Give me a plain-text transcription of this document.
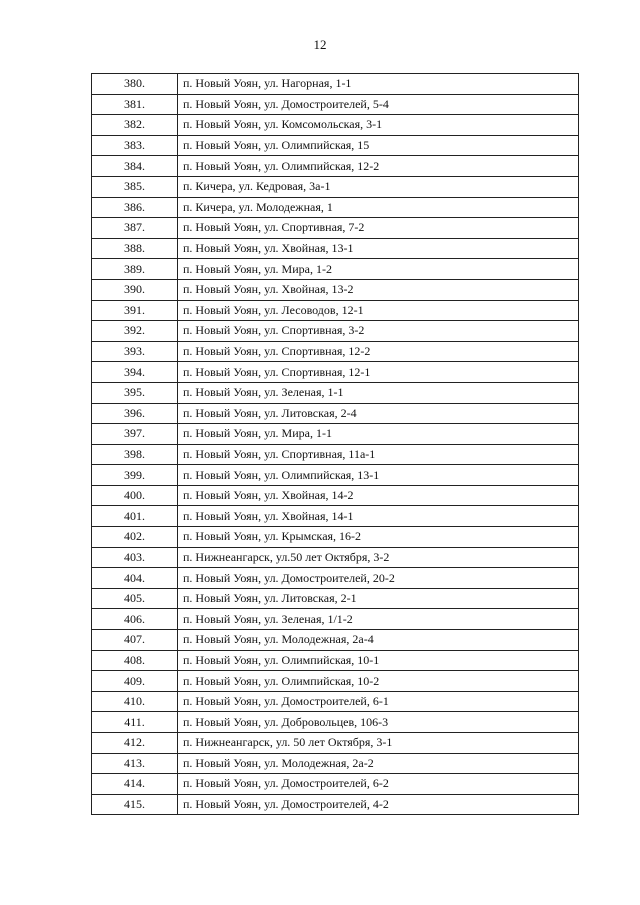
12
380.	п. Новый Уоян, ул. Нагорная, 1-1
381.	п. Новый Уоян, ул. Домостроителей, 5-4
382.	п. Новый Уоян, ул. Комсомольская, 3-1
383.	п. Новый Уоян, ул. Олимпийская, 15
384.	п. Новый Уоян, ул. Олимпийская, 12-2
385.	п. Кичера, ул. Кедровая, 3а-1
386.	п. Кичера, ул. Молодежная, 1
387.	п. Новый Уоян, ул. Спортивная, 7-2
388.	п. Новый Уоян, ул. Хвойная, 13-1
389.	п. Новый Уоян, ул. Мира, 1-2
390.	п. Новый Уоян, ул. Хвойная, 13-2
391.	п. Новый Уоян, ул. Лесоводов, 12-1
392.	п. Новый Уоян, ул. Спортивная, 3-2
393.	п. Новый Уоян, ул. Спортивная, 12-2
394.	п. Новый Уоян, ул. Спортивная, 12-1
395.	п. Новый Уоян, ул. Зеленая, 1-1
396.	п. Новый Уоян, ул. Литовская, 2-4
397.	п. Новый Уоян, ул. Мира, 1-1
398.	п. Новый Уоян, ул. Спортивная, 11а-1
399.	п. Новый Уоян, ул. Олимпийская, 13-1
400.	п. Новый Уоян, ул. Хвойная, 14-2
401.	п. Новый Уоян, ул. Хвойная, 14-1
402.	п. Новый Уоян, ул. Крымская, 16-2
403.	п. Нижнеангарск, ул.50 лет Октября, 3-2
404.	п. Новый Уоян, ул. Домостроителей, 20-2
405.	п. Новый Уоян, ул. Литовская, 2-1
406.	п. Новый Уоян, ул. Зеленая, 1/1-2
407.	п. Новый Уоян, ул. Молодежная, 2а-4
408.	п. Новый Уоян, ул. Олимпийская, 10-1
409.	п. Новый Уоян, ул. Олимпийская, 10-2
410.	п. Новый Уоян, ул. Домостроителей, 6-1
411.	п. Новый Уоян, ул. Добровольцев, 106-3
412.	п. Нижнеангарск, ул. 50 лет Октября, 3-1
413.	п. Новый Уоян, ул. Молодежная, 2а-2
414.	п. Новый Уоян, ул. Домостроителей, 6-2
415.	п. Новый Уоян, ул. Домостроителей, 4-2
